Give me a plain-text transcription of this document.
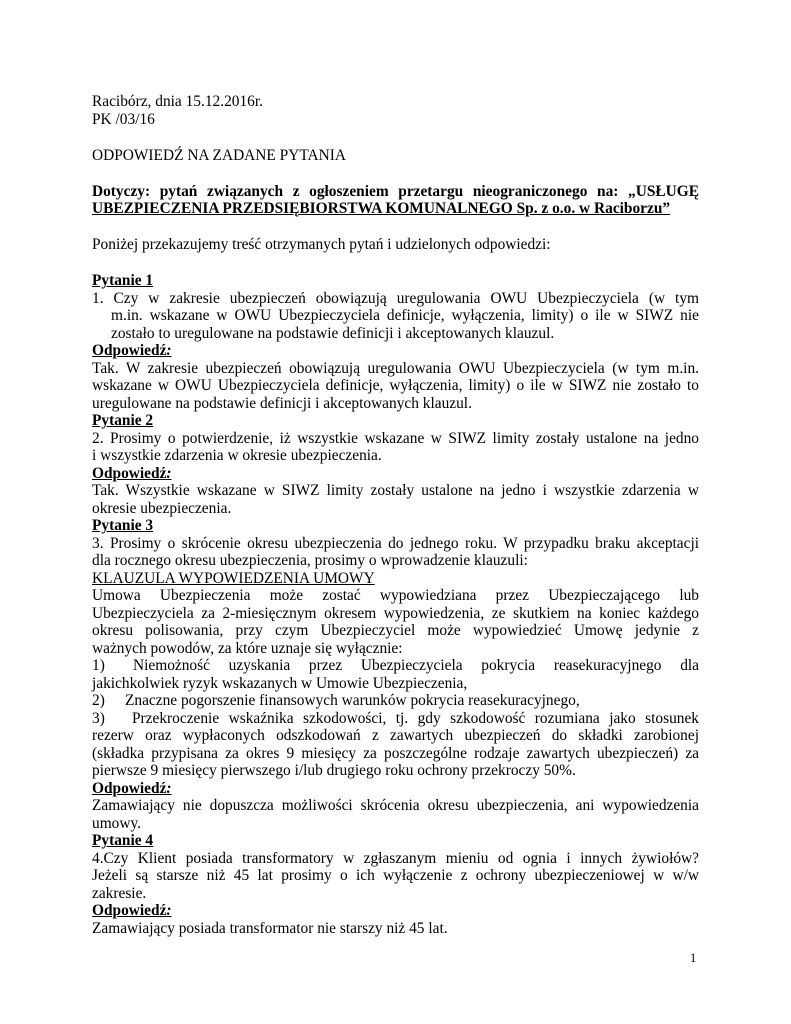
Racibórz, dnia 15.12.2016r.
PK /03/16
ODPOWIEDŹ NA ZADANE PYTANIA
Dotyczy: pytań związanych z ogłoszeniem przetargu nieograniczonego na: „USŁUGĘ
UBEZPIECZENIA PRZEDSIĘBIORSTWA KOMUNALNEGO Sp. z o.o. w Raciborzu”
Poniżej przekazujemy treść otrzymanych pytań i udzielonych odpowiedzi:
Pytanie 1
1. Czy w zakresie ubezpieczeń obowiązują uregulowania OWU Ubezpieczyciela (w tym
m.in. wskazane w OWU Ubezpieczyciela definicje, wyłączenia, limity) o ile w SIWZ nie
zostało to uregulowane na podstawie definicji i akceptowanych klauzul.
Odpowiedź:
Tak. W zakresie ubezpieczeń obowiązują uregulowania OWU Ubezpieczyciela (w tym m.in.
wskazane w OWU Ubezpieczyciela definicje, wyłączenia, limity) o ile w SIWZ nie zostało to
uregulowane na podstawie definicji i akceptowanych klauzul.
Pytanie 2
2. Prosimy o potwierdzenie, iż wszystkie wskazane w SIWZ limity zostały ustalone na jedno
i wszystkie zdarzenia w okresie ubezpieczenia.
Odpowiedź:
Tak. Wszystkie wskazane w SIWZ limity zostały ustalone na jedno i wszystkie zdarzenia w
okresie ubezpieczenia.
Pytanie 3
3. Prosimy o skrócenie okresu ubezpieczenia do jednego roku. W przypadku braku akceptacji
dla rocznego okresu ubezpieczenia, prosimy o wprowadzenie klauzuli:
KLAUZULA WYPOWIEDZENIA UMOWY
Umowa Ubezpieczenia może zostać wypowiedziana przez Ubezpieczającego lub
Ubezpieczyciela za 2-miesięcznym okresem wypowiedzenia, ze skutkiem na koniec każdego
okresu polisowania, przy czym Ubezpieczyciel może wypowiedzieć Umowę jedynie z
ważnych powodów, za które uznaje się wyłącznie:
1)	Niemożność uzyskania przez Ubezpieczyciela pokrycia reasekuracyjnego dla
jakichkolwiek ryzyk wskazanych w Umowie Ubezpieczenia,
2)	Znaczne pogorszenie finansowych warunków pokrycia reasekuracyjnego,
3)	Przekroczenie wskaźnika szkodowości, tj. gdy szkodowość rozumiana jako stosunek
rezerw oraz wypłaconych odszkodowań z zawartych ubezpieczeń do składki zarobionej
(składka przypisana za okres 9 miesięcy za poszczególne rodzaje zawartych ubezpieczeń) za
pierwsze 9 miesięcy pierwszego i/lub drugiego roku ochrony przekroczy 50%.
Odpowiedź:
Zamawiający nie dopuszcza możliwości skrócenia okresu ubezpieczenia, ani wypowiedzenia
umowy.
Pytanie 4
4.Czy Klient posiada transformatory w zgłaszanym mieniu od ognia i innych żywiołów?
Jeżeli są starsze niż 45 lat prosimy o ich wyłączenie z ochrony ubezpieczeniowej w w/w
zakresie.
Odpowiedź:
Zamawiający posiada transformator nie starszy niż 45 lat.
1
